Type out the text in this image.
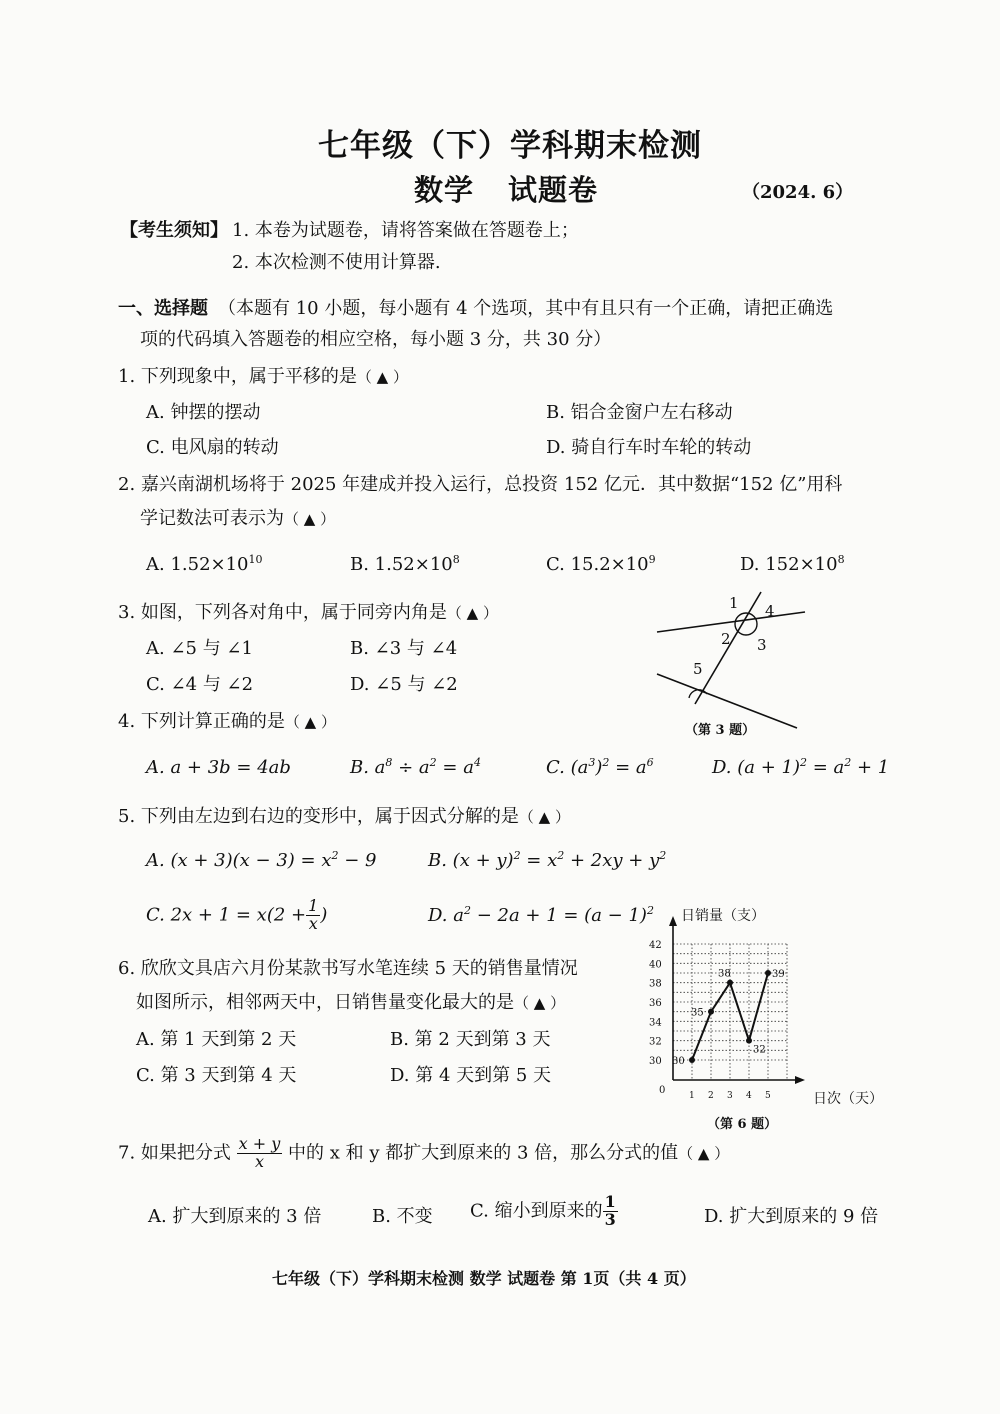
七年级（下）学科期末检测
数学 试题卷	（2024. 6）
【考生须知】 1. 本卷为试题卷，请将答案做在答题卷上；
2. 本次检测不使用计算器.
一、选择题 （本题有 10 小题，每小题有 4 个选项，其中有且只有一个正确，请把正确选
项的代码填入答题卷的相应空格，每小题 3 分，共 30 分）
1. 下列现象中，属于平移的是（ ▲ ）
A. 钟摆的摆动	B. 铝合金窗户左右移动
C. 电风扇的转动	D. 骑自行车时车轮的转动
2. 嘉兴南湖机场将于 2025 年建成并投入运行，总投资 152 亿元．其中数据“152 亿”用科
学记数法可表示为（ ▲ ）
A. $1.52\times 10^{10}$	B. $1.52\times 10^8$	C. $15.2\times 10^9$	D. $152\times 10^8$
3. 如图，下列各对角中，属于同旁内角是（ ▲ ）
A. ∠5 与 ∠1	B. ∠3 与 ∠4
C. ∠4 与 ∠2	D. ∠5 与 ∠2
1 4
2 3
5
（第 3 题）
4. 下列计算正确的是（ ▲ ）
A. a + 3b = 4ab	B. $a^8 \div a^2 = a^4$	C. $(a^3)^2 = a^6$	D. $(a + 1)^2 = a^2 + 1$
5. 下列由左边到右边的变形中，属于因式分解的是（ ▲ ）
A. $(x + 3)(x - 3) = x^2 - 9$	B. $(x + y)^2 = x^2 + 2xy + y^2$
C. $2x + 1 = x(2 + \frac{1}{x}$ )	D. $a^2 - 2a + 1 = (a - 1)^2$
6. 欣欣文具店六月份某款书写水笔连续 5 天的销售量情况
如图所示，相邻两天中，日销售量变化最大的是（ ▲ ）
A. 第 1 天到第 2 天	B. 第 2 天到第 3 天
C. 第 3 天到第 4 天	D. 第 4 天到第 5 天
日销量（支）
日次（天）
0
30
32
34
36
38
40
42
1 2 3 4 5
30
35
38
32
39
（第 6 题）
7. 如果把分式 $\frac{x + y}{x}$ 中的 x 和 y 都扩大到原来的 3 倍，那么分式的值（ ▲ ）
A. 扩大到原来的 3 倍	B. 不变 C. 缩小到原来的 $\frac{1}{3}$	D. 扩大到原来的 9 倍
七年级（下）学科期末检测 数学 试题卷 第 1页（共 4 页）
